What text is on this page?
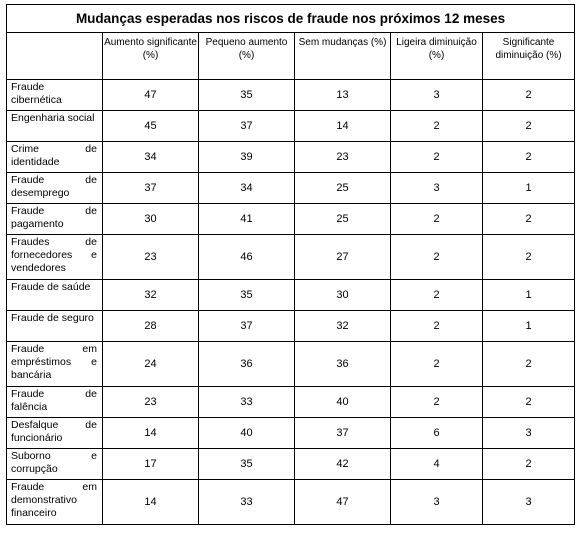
Mudanças esperadas nos riscos de fraude nos próximos 12 meses					
	Aumento significante (%)	Pequeno aumento (%)	Sem mudanças (%)	Ligeira diminuição (%)	Significante diminuição (%)
Fraude cibernética	47	35	13	3	2
Engenharia social	45	37	14	2	2
Crime de identidade	34	39	23	2	2
Fraude de desemprego	37	34	25	3	1
Fraude de pagamento	30	41	25	2	2
Fraudes de fornecedores e vendedores	23	46	27	2	2
Fraude de saúde	32	35	30	2	1
Fraude de seguro	28	37	32	2	1
Fraude em empréstimos e bancária	24	36	36	2	2
Fraude de falência	23	33	40	2	2
Desfalque de funcionário	14	40	37	6	3
Suborno e corrupção	17	35	42	4	2
Fraude em demonstrativo financeiro	14	33	47	3	3
